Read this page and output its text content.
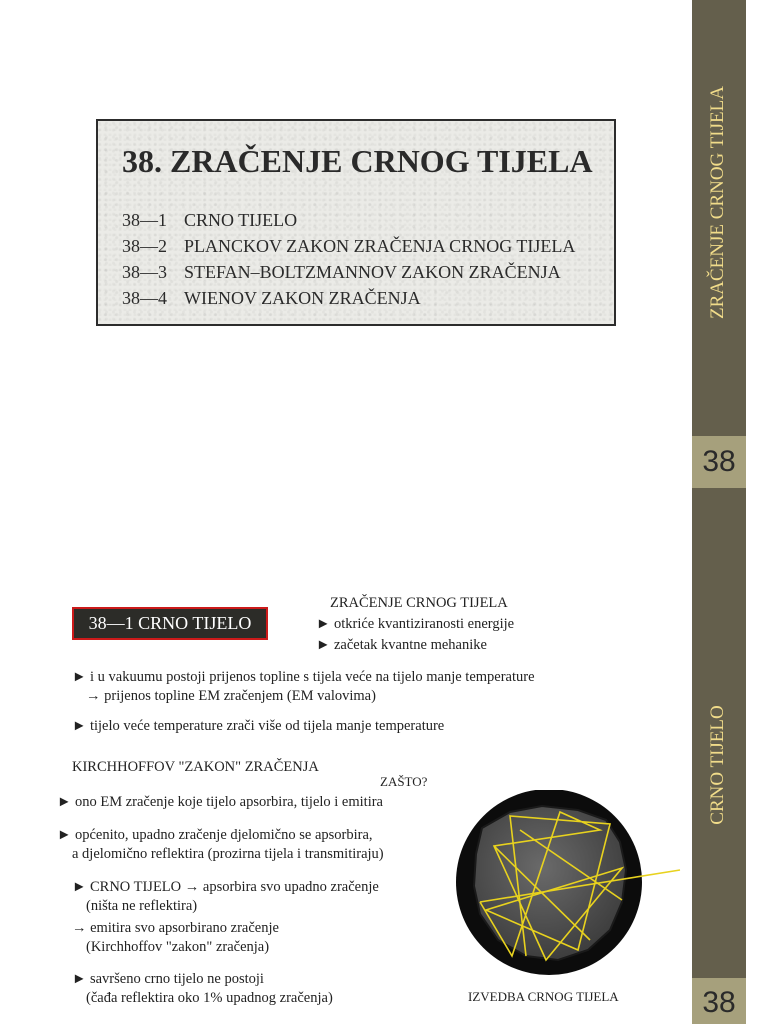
ZRAČENJE CRNOG TIJELA
38
CRNO TIJELO
38
38. ZRAČENJE CRNOG TIJELA
38—1 CRNO TIJELO
38—2 PLANCKOV ZAKON ZRAČENJA CRNOG TIJELA
38—3 STEFAN–BOLTZMANNOV ZAKON ZRAČENJA
38—4 WIENOV ZAKON ZRAČENJA
38—1 CRNO TIJELO
ZRAČENJE CRNOG TIJELA
► otkriće kvantiziranosti energije
► začetak kvantne mehanike
► i u vakuumu postoji prijenos topline s tijela veće na tijelo manje temperature
→ prijenos topline EM zračenjem (EM valovima)
► tijelo veće temperature zrači više od tijela manje temperature
KIRCHHOFFOV "ZAKON" ZRAČENJA
ZAŠTO?
► ono EM zračenje koje tijelo apsorbira, tijelo i emitira
► općenito, upadno zračenje djelomično se apsorbira,
a djelomično reflektira (prozirna tijela i transmitiraju)
► CRNO TIJELO → apsorbira svo upadno zračenje
(ništa ne reflektira)
→ emitira svo apsorbirano zračenje
(Kirchhoffov "zakon" zračenja)
► savršeno crno tijelo ne postoji
(čađa reflektira oko 1% upadnog zračenja)	IZVEDBA CRNOG TIJELA
